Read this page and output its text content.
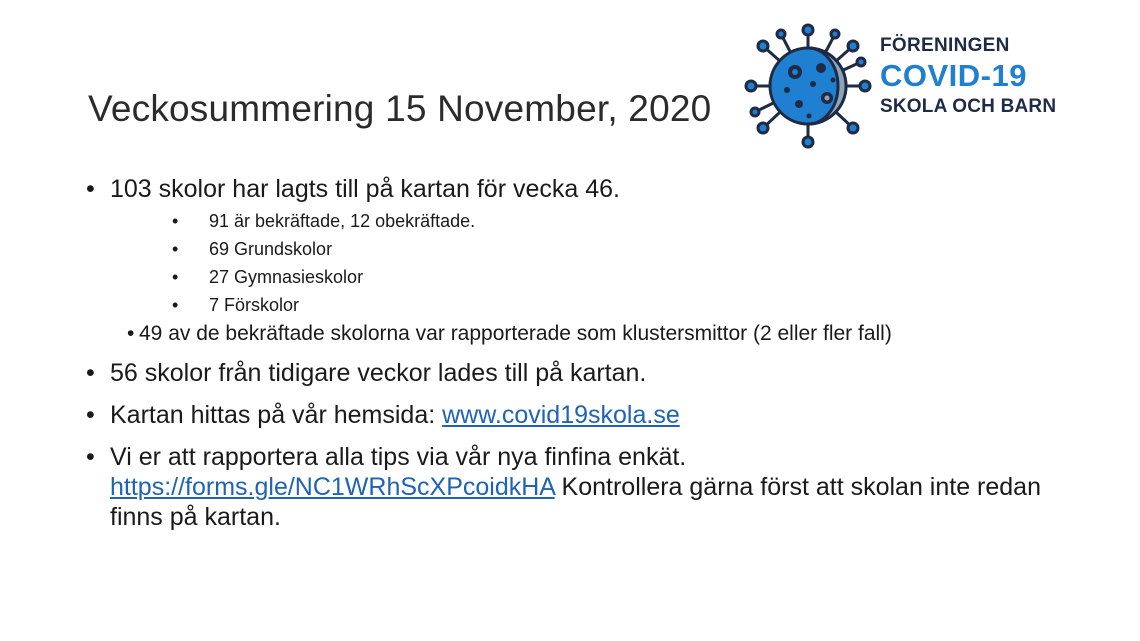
Veckosummering 15 November, 2020
FÖRENINGEN
COVID-19
SKOLA OCH BARN
• 103 skolor har lagts till på kartan för vecka 46.
• 91 är bekräftade, 12 obekräftade.
• 69 Grundskolor
• 27 Gymnasieskolor
• 7 Förskolor
• 49 av de bekräftade skolorna var rapporterade som klustersmittor (2 eller fler fall)
• 56 skolor från tidigare veckor lades till på kartan.
• Kartan hittas på vår hemsida: www.covid19skola.se
• Vi er att rapportera alla tips via vår nya finfina enkät.
https://forms.gle/NC1WRhScXPcoidkHA Kontrollera gärna först att skolan inte redan finns på kartan.
